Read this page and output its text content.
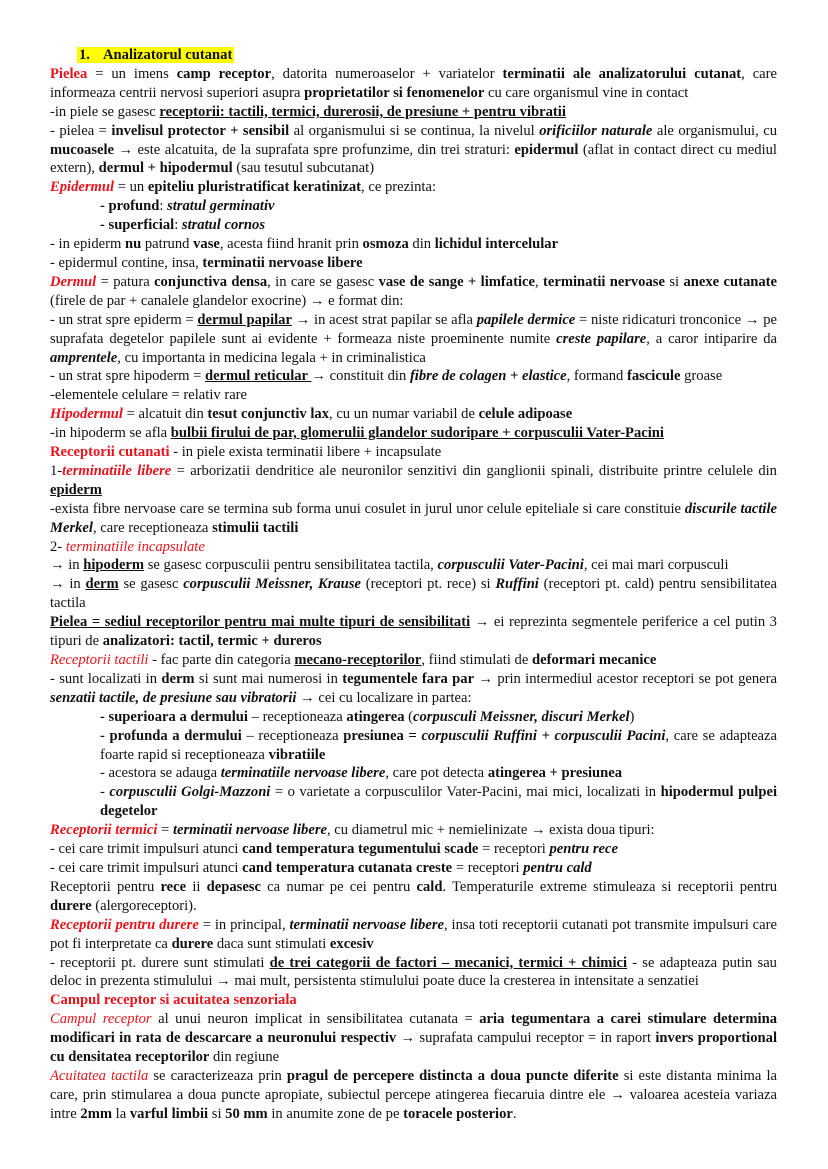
1. Analizatorul cutanat

Pielea = un imens camp receptor, datorita numeroaselor + variatelor terminatii ale analizatorului cutanat, care informeaza centrii nervosi superiori asupra proprietatilor si fenomenelor cu care organismul vine in contact

-in piele se gasesc receptorii: tactili, termici, durerosii, de presiune + pentru vibratii

- pielea = invelisul protector + sensibil al organismului si se continua, la nivelul orificiilor naturale ale organismului, cu mucoasele → este alcatuita, de la suprafata spre profunzime, din trei straturi: epidermul (aflat in contact direct cu mediul extern), dermul + hipodermul (sau tesutul subcutanat)

Epidermul = un epiteliu pluristratificat keratinizat, ce prezinta:

- profund: stratul germinativ

- superficial: stratul cornos

- in epiderm nu patrund vase, acesta fiind hranit prin osmoza din lichidul intercelular

- epidermul contine, insa, terminatii nervoase libere

Dermul = patura conjunctiva densa, in care se gasesc vase de sange + limfatice, terminatii nervoase si anexe cutanate (firele de par + canalele glandelor exocrine) → e format din:

- un strat spre epiderm = dermul papilar → in acest strat papilar se afla papilele dermice = niste ridicaturi tronconice → pe suprafata degetelor papilele sunt ai evidente + formeaza niste proeminente numite creste papilare, a caror intiparire da amprentele, cu importanta in medicina legala + in criminalistica

- un strat spre hipoderm = dermul reticular → constituit din fibre de colagen + elastice, formand fascicule groase

-elementele celulare = relativ rare

Hipodermul = alcatuit din tesut conjunctiv lax, cu un numar variabil de celule adipoase

-in hipoderm se afla bulbii firului de par, glomerulii glandelor sudoripare + corpusculii Vater-Pacini

Receptorii cutanati - in piele exista terminatii libere + incapsulate

1-terminatiile libere = arborizatii dendritice ale neuronilor senzitivi din ganglionii spinali, distribuite printre celulele din epiderm

-exista fibre nervoase care se termina sub forma unui cosulet in jurul unor celule epiteliale si care constituie discurile tactile Merkel, care receptioneaza stimulii tactili

2- terminatiile incapsulate

→ in hipoderm se gasesc corpusculii pentru sensibilitatea tactila, corpusculii Vater-Pacini, cei mai mari corpusculi

→ in derm se gasesc corpusculii Meissner, Krause (receptori pt. rece) si Ruffini (receptori pt. cald) pentru sensibilitatea tactila

Pielea = sediul receptorilor pentru mai multe tipuri de sensibilitati → ei reprezinta segmentele periferice a cel putin 3 tipuri de analizatori: tactil, termic + dureros

Receptorii tactili - fac parte din categoria mecano-receptorilor, fiind stimulati de deformari mecanice

- sunt localizati in derm si sunt mai numerosi in tegumentele fara par → prin intermediul acestor receptori se pot genera senzatii tactile, de presiune sau vibratorii → cei cu localizare in partea:

- superioara a dermului – receptioneaza atingerea (corpusculi Meissner, discuri Merkel)

- profunda a dermului – receptioneaza presiunea = corpusculii Ruffini + corpusculii Pacini, care se adapteaza foarte rapid si receptioneaza vibratiile

- acestora se adauga terminatiile nervoase libere, care pot detecta atingerea + presiunea

- corpusculii Golgi-Mazzoni = o varietate a corpusculilor Vater-Pacini, mai mici, localizati in hipodermul pulpei degetelor

Receptorii termici = terminatii nervoase libere, cu diametrul mic + nemielinizate → exista doua tipuri:

- cei care trimit impulsuri atunci cand temperatura tegumentului scade = receptori pentru rece

- cei care trimit impulsuri atunci cand temperatura cutanata creste = receptori pentru cald

Receptorii pentru rece ii depasesc ca numar pe cei pentru cald. Temperaturile extreme stimuleaza si receptorii pentru durere (alergoreceptori).

Receptorii pentru durere = in principal, terminatii nervoase libere, insa toti receptorii cutanati pot transmite impulsuri care pot fi interpretate ca durere daca sunt stimulati excesiv

- receptorii pt. durere sunt stimulati de trei categorii de factori – mecanici, termici + chimici - se adapteaza putin sau deloc in prezenta stimulului → mai mult, persistenta stimulului poate duce la cresterea in intensitate a senzatiei

Campul receptor si acuitatea senzoriala

Campul receptor al unui neuron implicat in sensibilitatea cutanata = aria tegumentara a carei stimulare determina modificari in rata de descarcare a neuronului respectiv → suprafata campului receptor = in raport invers proportional cu densitatea receptorilor din regiune

Acuitatea tactila se caracterizeaza prin pragul de percepere distincta a doua puncte diferite si este distanta minima la care, prin stimularea a doua puncte apropiate, subiectul percepe atingerea fiecaruia dintre ele → valoarea acesteia variaza intre 2mm la varful limbii si 50 mm in anumite zone de pe toracele posterior.
